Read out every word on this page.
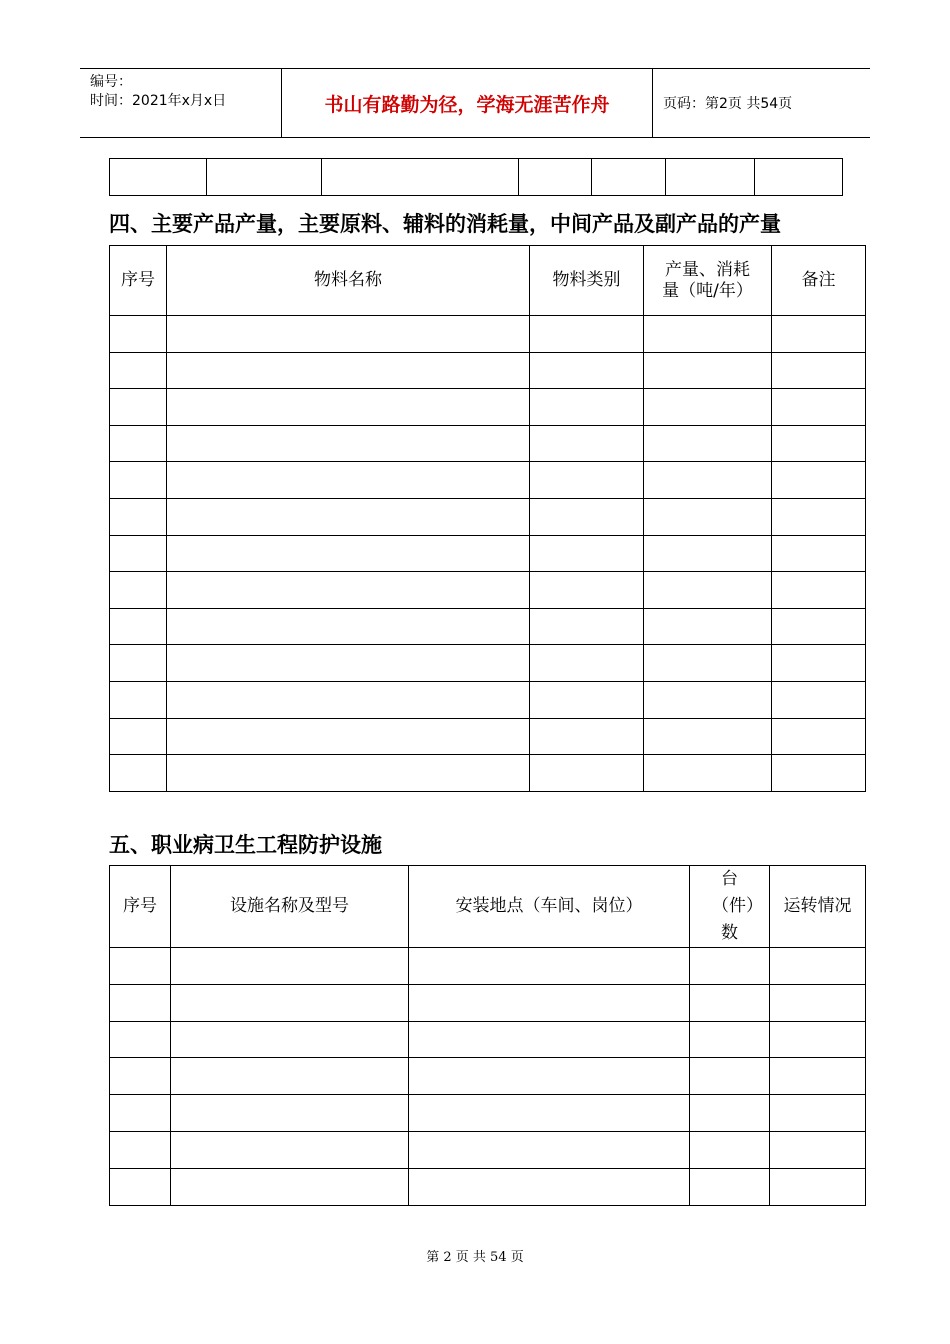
编号：
时间：2021年x月x日	书山有路勤为径，学海无涯苦作舟	页码：第2页 共54页

四、主要产品产量，主要原料、辅料的消耗量，中间产品及副产品的产量
序号	物料名称	物料类别	产量、消耗量（吨/年）	备注

五、职业病卫生工程防护设施
序号	设施名称及型号	安装地点（车间、岗位）	台（件）数	运转情况

第 2 页 共 54 页
